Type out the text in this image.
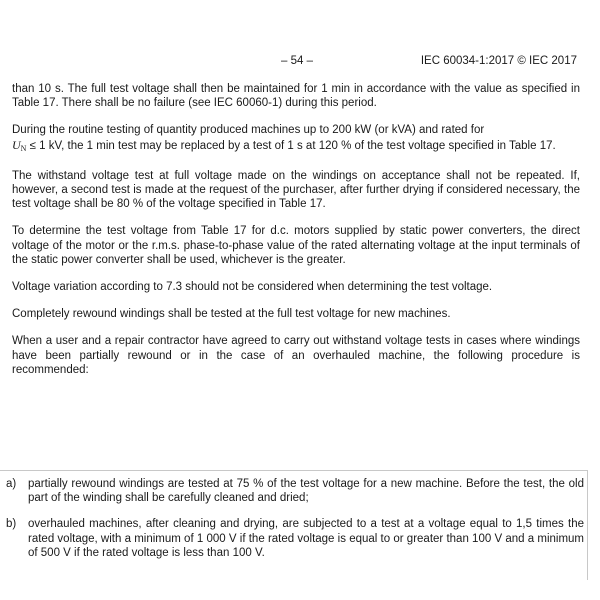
– 54 –	IEC 60034-1:2017 © IEC 2017

than 10 s. The full test voltage shall then be maintained for 1 min in accordance with the value as specified in Table 17. There shall be no failure (see IEC 60060-1) during this period.

During the routine testing of quantity produced machines up to 200 kW (or kVA) and rated for
$U_N \le 1$ kV, the 1 min test may be replaced by a test of 1 s at 120 % of the test voltage specified in Table 17.

The withstand voltage test at full voltage made on the windings on acceptance shall not be repeated. If, however, a second test is made at the request of the purchaser, after further drying if considered necessary, the test voltage shall be 80 % of the voltage specified in Table 17.

To determine the test voltage from Table 17 for d.c. motors supplied by static power converters, the direct voltage of the motor or the r.m.s. phase-to-phase value of the rated alternating voltage at the input terminals of the static power converter shall be used, whichever is the greater.

Voltage variation according to 7.3 should not be considered when determining the test voltage.

Completely rewound windings shall be tested at the full test voltage for new machines.

When a user and a repair contractor have agreed to carry out withstand voltage tests in cases where windings have been partially rewound or in the case of an overhauled machine, the following procedure is recommended:

a) partially rewound windings are tested at 75 % of the test voltage for a new machine. Before the test, the old part of the winding shall be carefully cleaned and dried;
b) overhauled machines, after cleaning and drying, are subjected to a test at a voltage equal to 1,5 times the rated voltage, with a minimum of 1 000 V if the rated voltage is equal to or greater than 100 V and a minimum of 500 V if the rated voltage is less than 100 V.
